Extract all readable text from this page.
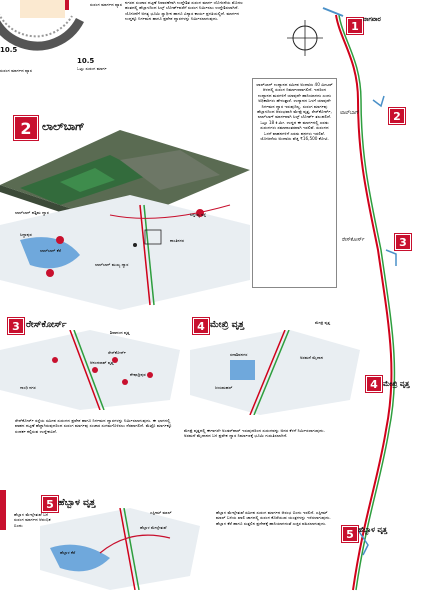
10.5
ಸುರಂಗ ಮಾರ್ಗದ ವ್ಯಾಸ
10.5
ಒಟ್ಟು ಸುರಂಗ ಮಾರ್ಗ
ಸುರಂಗ ಮಾರ್ಗದ ವ್ಯಾಸ ನಗರದ ಸಂಚಾರ ದಟ್ಟಣೆ ನಿವಾರಣೆಗಾಗಿ ಉದ್ದೇಶಿತ ಸುರಂಗ ಮಾರ್ಗ ಯೋಜನೆಯ ಮೊದಲ ಹಂತದಲ್ಲಿ ಹೆಬ್ಬಾಳದಿಂದ ಸಿಲ್ಕ್‌ ಬೋರ್ಡ್‌ವರೆಗೆ ಸುರಂಗ ನಿರ್ಮಿಸಲು ಉದ್ದೇಶಿಸಲಾಗಿದೆ. ಯೋಜನೆಗೆ ಅಗತ್ಯ ಭೂಮಿ ಸ್ವಾಧೀನ ಹಾಗೂ ವಿನ್ಯಾಸ ಕಾರ್ಯ ಪ್ರಗತಿಯಲ್ಲಿದೆ. ಮಾರ್ಗದ ಉದ್ದಕ್ಕೂ ನಿರ್ಗಮನ ಹಾಗೂ ಪ್ರವೇಶ ದ್ವಾರಗಳನ್ನು ನಿರ್ಮಿಸಲಾಗುವುದು.
1 ನಾಗವಾರ
2
ಲಾಲ್‌ಬಾಗ್
3
ರೇಸ್‌ಕೋರ್ಸ್
4 ಮೇಖ್ರಿ ವೃತ್ತ
5 ಹೆಬ್ಬಾಳ ವೃತ್ತ
ಲಾಲ್‌ಬಾಗ್ ಉದ್ಯಾನದ ಸಮೀಪ ಅಂದಾಜು 40 ಮೀಟರ್ ಆಳದಲ್ಲಿ ಸುರಂಗ ನಿರ್ಮಾಣವಾಗಲಿದೆ. ಇದರಿಂದ ಉದ್ಯಾನದ ಮರಗಳಿಗೆ ಯಾವುದೇ ಹಾನಿಯಾಗದು ಎಂದು ಅಧಿಕಾರಿಗಳು ಹೇಳುತ್ತಾರೆ. ಉದ್ಯಾನದ ಒಳಗೆ ಯಾವುದೇ ನಿರ್ಗಮನ ದ್ವಾರ ಇರುವುದಿಲ್ಲ. ಸುರಂಗ ಮಾರ್ಗವು ಹೆಬ್ಬಾಳದಿಂದ ಆರಂಭವಾಗಿ ಮೇಖ್ರಿ ವೃತ್ತ, ರೇಸ್‌ಕೋರ್ಸ್, ಲಾಲ್‌ಬಾಗ್ ಮಾರ್ಗವಾಗಿ ಸಿಲ್ಕ್‌ ಬೋರ್ಡ್ ತಲುಪಲಿದೆ. ಒಟ್ಟು 18 ಕಿ.ಮೀ. ಉದ್ದದ ಈ ಮಾರ್ಗದಲ್ಲಿ ಎರಡು ಸುರಂಗಗಳು ಸಮಾನಾಂತರವಾಗಿ ಇರಲಿವೆ. ಸುರಂಗದ ಒಳಗೆ ವಾಹನಗಳಿಗೆ ಎರಡು ಪಥಗಳು ಇರಲಿವೆ. ಯೋಜನೆಯ ಅಂದಾಜು ವೆಚ್ಚ ₹16,500 ಕೋಟಿ.
2 ಲಾಲ್‌ಬಾಗ್
ಲಾಲ್‌ಬಾಗ್ ಪಶ್ಚಿಮ ದ್ವಾರ
ಸಿದ್ದಾಪುರ
ಲಾಲ್‌ಬಾಗ್ ಕೆರೆ
ಲಾಲ್‌ಬಾಗ್ ಮುಖ್ಯ ದ್ವಾರ
ಶಾಂತಿನಗರ
ಸಿದ್ದಯ್ಯ ರಸ್ತೆ
3 ರೇಸ್‌ಕೋರ್ಸ್
ಶಿವಾನಂದ ವೃತ್ತ
ರೇಸ್‌ಕೋರ್ಸ್
ಆನಂದರಾವ್ ವೃತ್ತ
ಗಾಂಧಿ ನಗರ
ಶೇಷಾದ್ರಿಪುರ
4 ಮೇಖ್ರಿ ವೃತ್ತ	ಮೇಖ್ರಿ ವೃತ್ತ
ಸದಾಶಿವನಗರ
ಅರಮನೆ ಮೈದಾನ
ಜಯಮಹಲ್
ರೇಸ್‌ಕೋರ್ಸ್ ರಸ್ತೆಯ ಸಮೀಪ ಸುರಂಗದ ಪ್ರವೇಶ ಹಾಗೂ ನಿರ್ಗಮನ ದ್ವಾರಗಳನ್ನು ನಿರ್ಮಿಸಲಾಗುವುದು. ಈ ಭಾಗದಲ್ಲಿ ವಾಹನ ದಟ್ಟಣೆ ಹೆಚ್ಚಾಗಿರುವುದರಿಂದ ಸುರಂಗ ಮಾರ್ಗವು ಸಂಚಾರ ಸುಗಮಗೊಳಿಸಲು ನೆರವಾಗಲಿದೆ. ಮೆಟ್ರೊ ಮಾರ್ಗಕ್ಕೂ ಸಂಪರ್ಕ ಕಲ್ಪಿಸುವ ಉದ್ದೇಶವಿದೆ.	ಮೇಖ್ರಿ ವೃತ್ತದಲ್ಲಿ ಈಗಾಗಲೇ ಅಂಡರ್‌ಪಾಸ್ ಇರುವುದರಿಂದ ಸುರಂಗವನ್ನು ಅದರ ಕೆಳಗೆ ನಿರ್ಮಿಸಲಾಗುವುದು. ಅರಮನೆ ಮೈದಾನದ ಬಳಿ ಪ್ರವೇಶ ದ್ವಾರ ನಿರ್ಮಾಣಕ್ಕೆ ಭೂಮಿ ಗುರುತಿಸಲಾಗಿದೆ.
5 ಹೆಬ್ಬಾಳ ವೃತ್ತ
ಹೆಬ್ಬಾಳ ಮೇಲ್ಸೇತುವೆ ಬಳಿ ಸುರಂಗ ಮಾರ್ಗದ ಆರಂಭಿಕ ಬಿಂದು
ಹೆಬ್ಬಾಳ ಕೆರೆ
ಹೆಬ್ಬಾಳ ಮೇಲ್ಸೇತುವೆ
ಎಸ್ಟೀಮ್ ಮಾಲ್	ಹೆಬ್ಬಾಳ ಮೇಲ್ಸೇತುವೆ ಸಮೀಪ ಸುರಂಗ ಮಾರ್ಗದ ಆರಂಭ ಬಿಂದು ಇರಲಿದೆ. ಎಸ್ಟೀಮ್ ಮಾಲ್ ಬಳಿಯ ಖಾಲಿ ಜಾಗದಲ್ಲಿ ಸುರಂಗ ಕೊರೆಯುವ ಯಂತ್ರಗಳನ್ನು ಇಳಿಸಲಾಗುವುದು. ಹೆಬ್ಬಾಳ ಕೆರೆ ಹಾಗೂ ಸುತ್ತಲಿನ ಪ್ರದೇಶಕ್ಕೆ ಹಾನಿಯಾಗದಂತೆ ಎಚ್ಚರ ವಹಿಸಲಾಗುವುದು.
